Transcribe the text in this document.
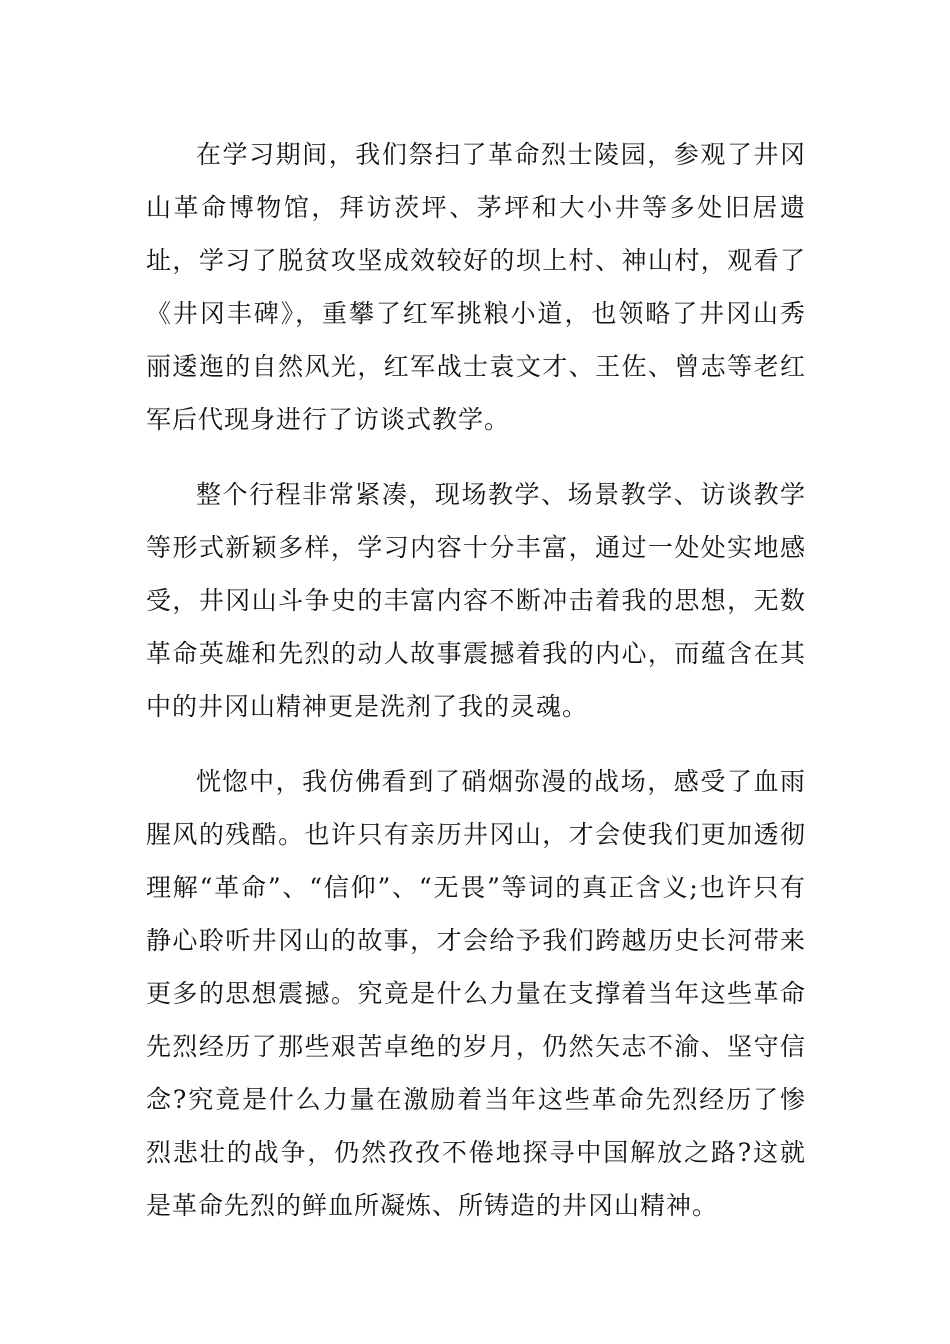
在学习期间，我们祭扫了革命烈士陵园，参观了井冈山革命博物馆，拜访茨坪、茅坪和大小井等多处旧居遗址，学习了脱贫攻坚成效较好的坝上村、神山村，观看了《井冈丰碑》，重攀了红军挑粮小道，也领略了井冈山秀丽逶迤的自然风光，红军战士袁文才、王佐、曾志等老红军后代现身进行了访谈式教学。

整个行程非常紧凑，现场教学、场景教学、访谈教学等形式新颖多样，学习内容十分丰富，通过一处处实地感受，井冈山斗争史的丰富内容不断冲击着我的思想，无数革命英雄和先烈的动人故事震撼着我的内心，而蕴含在其中的井冈山精神更是洗剂了我的灵魂。

恍惚中，我仿佛看到了硝烟弥漫的战场，感受了血雨腥风的残酷。也许只有亲历井冈山，才会使我们更加透彻理解“革命”、“信仰”、“无畏”等词的真正含义;也许只有静心聆听井冈山的故事，才会给予我们跨越历史长河带来更多的思想震撼。究竟是什么力量在支撑着当年这些革命先烈经历了那些艰苦卓绝的岁月，仍然矢志不渝、坚守信念?究竟是什么力量在激励着当年这些革命先烈经历了惨烈悲壮的战争，仍然孜孜不倦地探寻中国解放之路?这就是革命先烈的鲜血所凝炼、所铸造的井冈山精神。
